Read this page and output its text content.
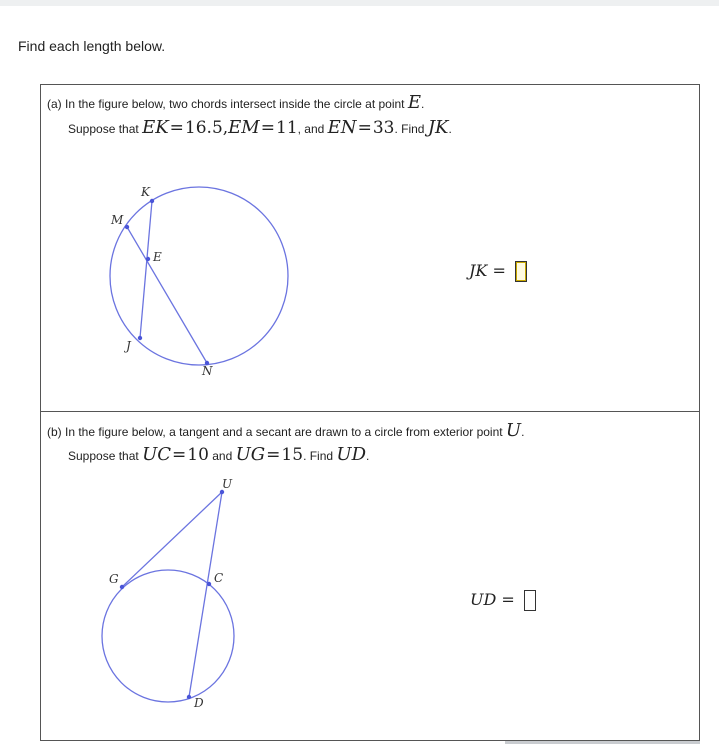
Find each length below.
(a) In the figure below, two chords intersect inside the circle at point E.
Suppose that EK=16.5,EM=11, and EN=33. Find JK.
K
M
E
J
N
JK =
(b) In the figure below, a tangent and a secant are drawn to a circle from exterior point U.
Suppose that UC=10 and UG=15. Find UD.
U
G	C
D
UD =
